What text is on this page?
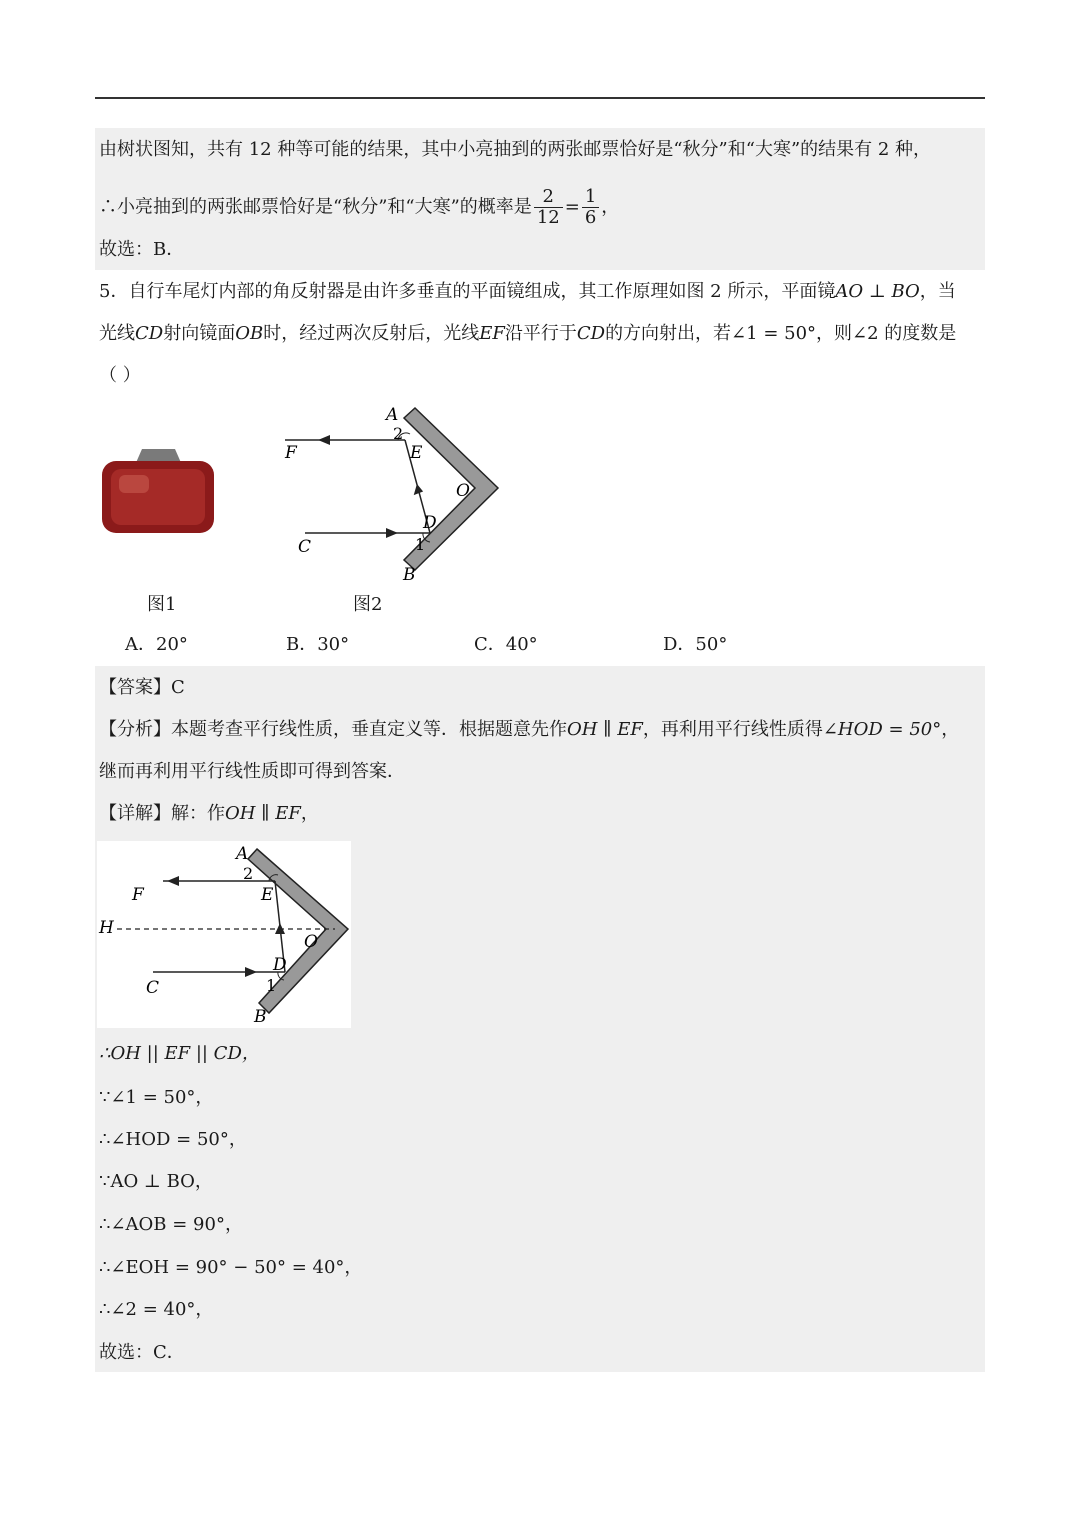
由树状图知，共有 12 种等可能的结果，其中小亮抽到的两张邮票恰好是“秋分”和“大寒”的结果有 2 种，
∴小亮抽到的两张邮票恰好是“秋分”和“大寒”的概率是 $\frac{2}{12} = \frac{1}{6}$ ，
故选：B．
5．自行车尾灯内部的角反射器是由许多垂直的平面镜组成，其工作原理如图 2 所示，平面镜AO ⊥ BO，当
光线CD射向镜面OB时，经过两次反射后，光线EF沿平行于CD的方向射出，若∠1 = 50°，则∠2 的度数是
（ ）
图1
A
2
E
F
O
D
1
C
B
图2
A．20°	B．30°	C．40°	D．50°
【答案】C
【分析】本题考查平行线性质，垂直定义等．根据题意先作OH ∥ EF，再利用平行线性质得∠HOD = 50°，
继而再利用平行线性质即可得到答案．
【详解】解：作OH ∥ EF，
A
2
E
F
H
O
D
1
C
B
∴OH || EF || CD，
∵∠1 = 50°，
∴∠HOD = 50°，
∵AO ⊥ BO，
∴∠AOB = 90°，
∴∠EOH = 90° − 50° = 40°，
∴∠2 = 40°，
故选：C．
